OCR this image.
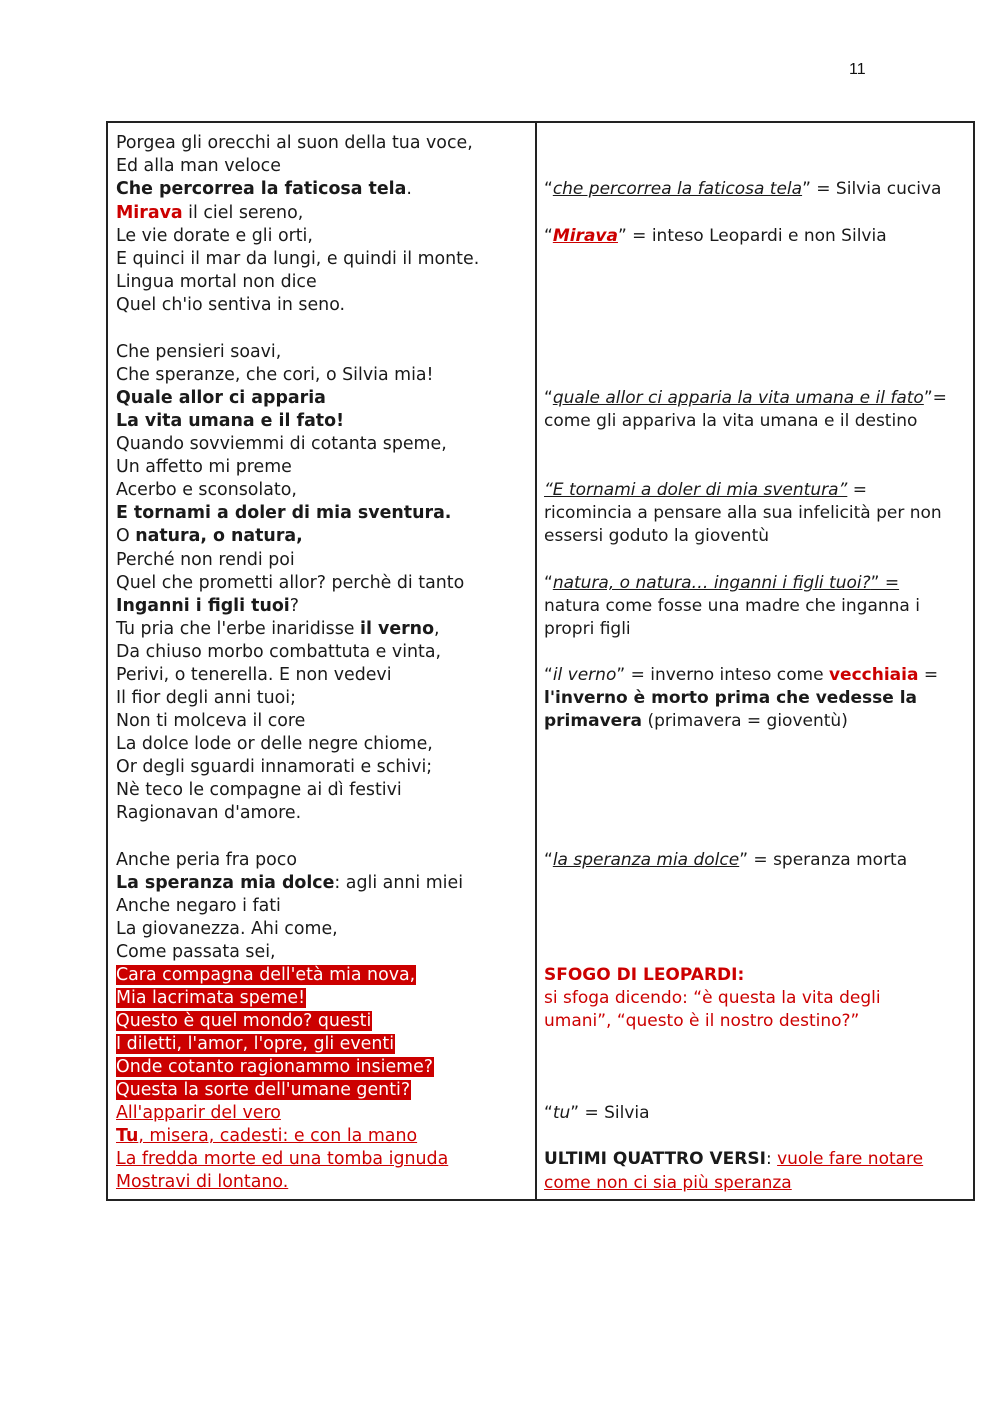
11
Porgea gli orecchi al suon della tua voce,
Ed alla man veloce
Che percorrea la faticosa tela.
Mirava il ciel sereno,
Le vie dorate e gli orti,
E quinci il mar da lungi, e quindi il monte.
Lingua mortal non dice
Quel ch'io sentiva in seno.
Che pensieri soavi,
Che speranze, che cori, o Silvia mia!
Quale allor ci apparia
La vita umana e il fato!
Quando sovviemmi di cotanta speme,
Un affetto mi preme
Acerbo e sconsolato,
E tornami a doler di mia sventura.
O natura, o natura,
Perché non rendi poi
Quel che prometti allor? perchè di tanto
Inganni i figli tuoi?
Tu pria che l'erbe inaridisse il verno,
Da chiuso morbo combattuta e vinta,
Perivi, o tenerella. E non vedevi
Il fior degli anni tuoi;
Non ti molceva il core
La dolce lode or delle negre chiome,
Or degli sguardi innamorati e schivi;
Nè teco le compagne ai dì festivi
Ragionavan d'amore.
Anche peria fra poco
La speranza mia dolce: agli anni miei
Anche negaro i fati
La giovanezza. Ahi come,
Come passata sei,
Cara compagna dell'età mia nova,
Mia lacrimata speme!
Questo è quel mondo? questi
I diletti, l'amor, l'opre, gli eventi
Onde cotanto ragionammo insieme?
Questa la sorte dell'umane genti?
All'apparir del vero
Tu, misera, cadesti: e con la mano
La fredda morte ed una tomba ignuda
Mostravi di lontano.
“che percorrea la faticosa tela” = Silvia cuciva
“Mirava” = inteso Leopardi e non Silvia
“quale allor ci apparia la vita umana e il fato”=
come gli appariva la vita umana e il destino
“E tornami a doler di mia sventura” =
ricomincia a pensare alla sua infelicità per non
essersi goduto la gioventù
“natura, o natura… inganni i figli tuoi?” =
natura come fosse una madre che inganna i
propri figli
“il verno” = inverno inteso come vecchiaia =
l'inverno è morto prima che vedesse la
primavera (primavera = gioventù)
“la speranza mia dolce” = speranza morta
SFOGO DI LEOPARDI:
si sfoga dicendo: “è questa la vita degli
umani”, “questo è il nostro destino?”
“tu” = Silvia
ULTIMI QUATTRO VERSI: vuole fare notare
come non ci sia più speranza
